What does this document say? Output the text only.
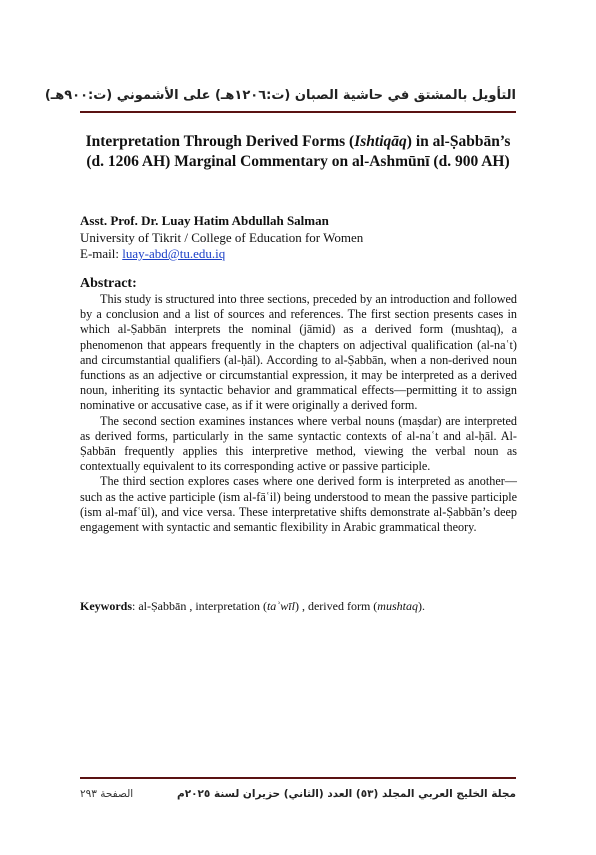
التأويل بالمشتق في حاشية الصبان (ت:١٢٠٦هـ) على الأشموني (ت:٩٠٠هـ)
Interpretation Through Derived Forms (Ishtiqāq) in al-Ṣabbān’s
(d. 1206 AH) Marginal Commentary on al-Ashmūnī (d. 900 AH)
Asst. Prof. Dr. Luay Hatim Abdullah Salman
University of Tikrit / College of Education for Women
E-mail: luay-abd@tu.edu.iq
Abstract:

This study is structured into three sections, preceded by an introduction and followed by a conclusion and a list of sources and references. The first section presents cases in which al-Ṣabbān interprets the nominal (jāmid) as a derived form (mushtaq), a phenomenon that appears frequently in the chapters on adjectival qualification (al-naʿt) and circumstantial qualifiers (al-ḥāl). According to al-Ṣabbān, when a non-derived noun functions as an adjective or circumstantial expression, it may be interpreted as a derived noun, inheriting its syntactic behavior and grammatical effects—permitting it to assign nominative or accusative case, as if it were originally a derived form.

The second section examines instances where verbal nouns (maṣdar) are interpreted as derived forms, particularly in the same syntactic contexts of al-naʿt and al-ḥāl. Al-Ṣabbān frequently applies this interpretive method, viewing the verbal noun as contextually equivalent to its corresponding active or passive participle.

The third section explores cases where one derived form is interpreted as another—such as the active participle (ism al-fāʿil) being understood to mean the passive participle (ism al-mafʿūl), and vice versa. These interpretative shifts demonstrate al-Ṣabbān’s deep engagement with syntactic and semantic flexibility in Arabic grammatical theory.

Keywords: al-Ṣabbān , interpretation (taʾwīl) , derived form (mushtaq).
مجلة الخليج العربي المجلد (٥٣) العدد (الثاني) حزيران لسنة ٢٠٢٥م
الصفحة ٢٩٣
